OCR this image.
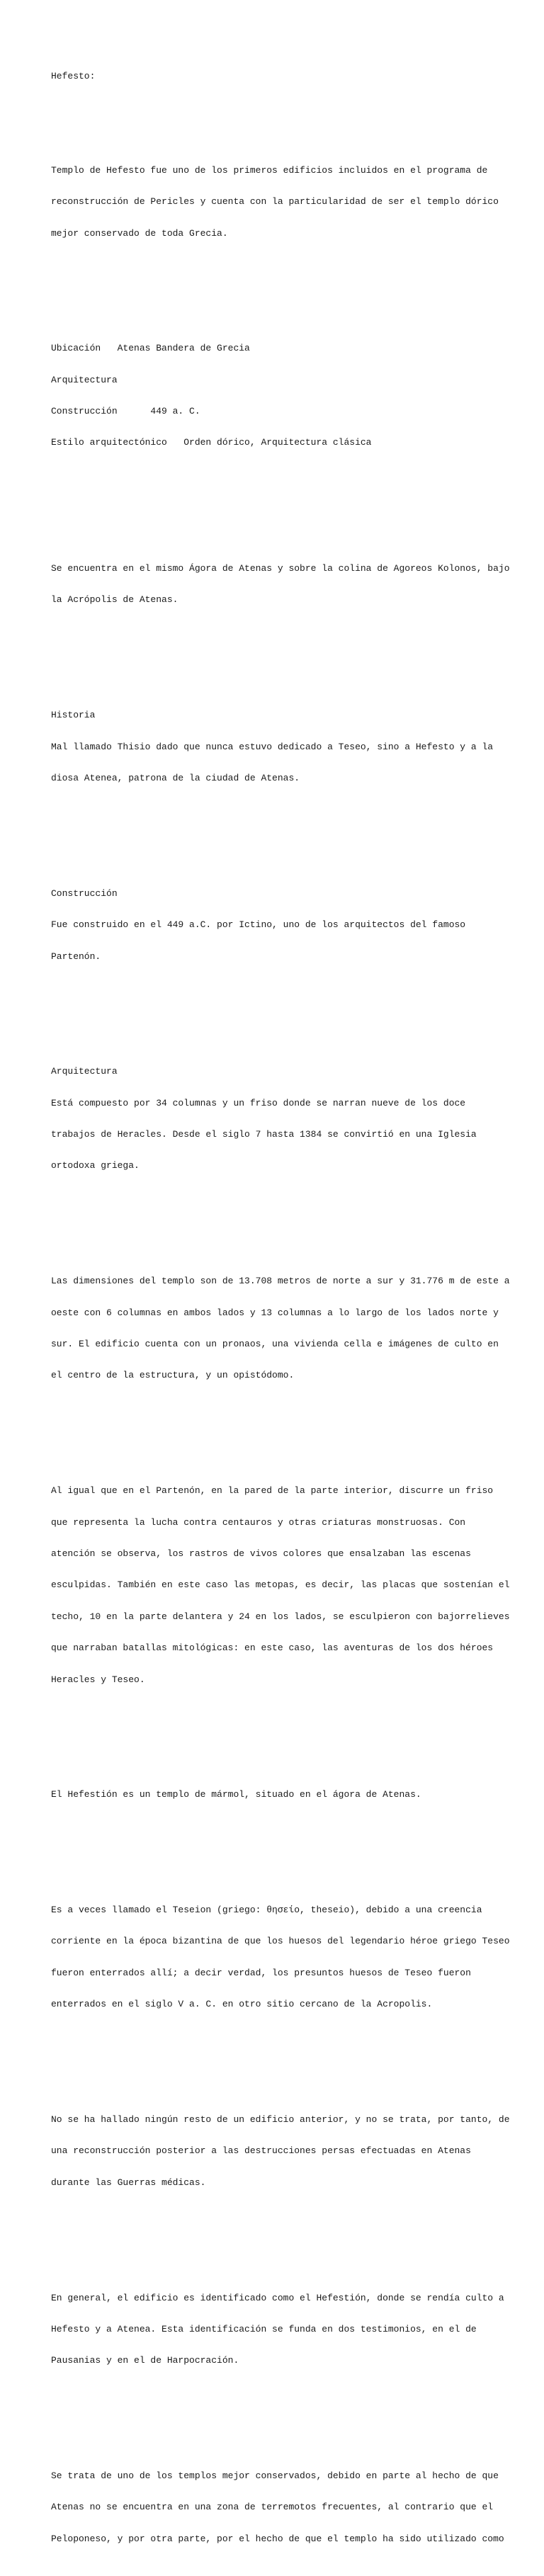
Hefesto:

Templo de Hefesto fue uno de los primeros edificios incluidos en el programa de

reconstrucción de Pericles y cuenta con la particularidad de ser el templo dórico

mejor conservado de toda Grecia.

Ubicación   Atenas Bandera de Grecia

Arquitectura

Construcción      449 a. C.

Estilo arquitectónico   Orden dórico, Arquitectura clásica

Se encuentra en el mismo Ágora de Atenas y sobre la colina de Agoreos Kolonos, bajo

la Acrópolis de Atenas.

Historia

Mal llamado Thisio dado que nunca estuvo dedicado a Teseo, sino a Hefesto y a la

diosa Atenea, patrona de la ciudad de Atenas.

Construcción

Fue construido en el 449 a.C. por Ictino, uno de los arquitectos del famoso

Partenón.

Arquitectura

Está compuesto por 34 columnas y un friso donde se narran nueve de los doce

trabajos de Heracles. Desde el siglo 7 hasta 1384 se convirtió en una Iglesia

ortodoxa griega.

Las dimensiones del templo son de 13.708 metros de norte a sur y 31.776 m de este a

oeste con 6 columnas en ambos lados y 13 columnas a lo largo de los lados norte y

sur. El edificio cuenta con un pronaos, una vivienda cella e imágenes de culto en

el centro de la estructura, y un opistódomo.

Al igual que en el Partenón, en la pared de la parte interior, discurre un friso

que representa la lucha contra centauros y otras criaturas monstruosas. Con

atención se observa, los rastros de vivos colores que ensalzaban las escenas

esculpidas. También en este caso las metopas, es decir, las placas que sostenían el

techo, 10 en la parte delantera y 24 en los lados, se esculpieron con bajorrelieves

que narraban batallas mitológicas: en este caso, las aventuras de los dos héroes

Heracles y Teseo.

El Hefestión es un templo de mármol, situado en el ágora de Atenas.

Es a veces llamado el Teseion (griego: θησείο, theseio), debido a una creencia

corriente en la época bizantina de que los huesos del legendario héroe griego Teseo

fueron enterrados allí; a decir verdad, los presuntos huesos de Teseo fueron

enterrados en el siglo V a. C. en otro sitio cercano de la Acropolis.

No se ha hallado ningún resto de un edificio anterior, y no se trata, por tanto, de

una reconstrucción posterior a las destrucciones persas efectuadas en Atenas

durante las Guerras médicas.

En general, el edificio es identificado como el Hefestión, donde se rendía culto a

Hefesto y a Atenea. Esta identificación se funda en dos testimonios, en el de

Pausanias y en el de Harpocración.

Se trata de uno de los templos mejor conservados, debido en parte al hecho de que

Atenas no se encuentra en una zona de terremotos frecuentes, al contrario que el

Peloponeso, y por otra parte, por el hecho de que el templo ha sido utilizado como
